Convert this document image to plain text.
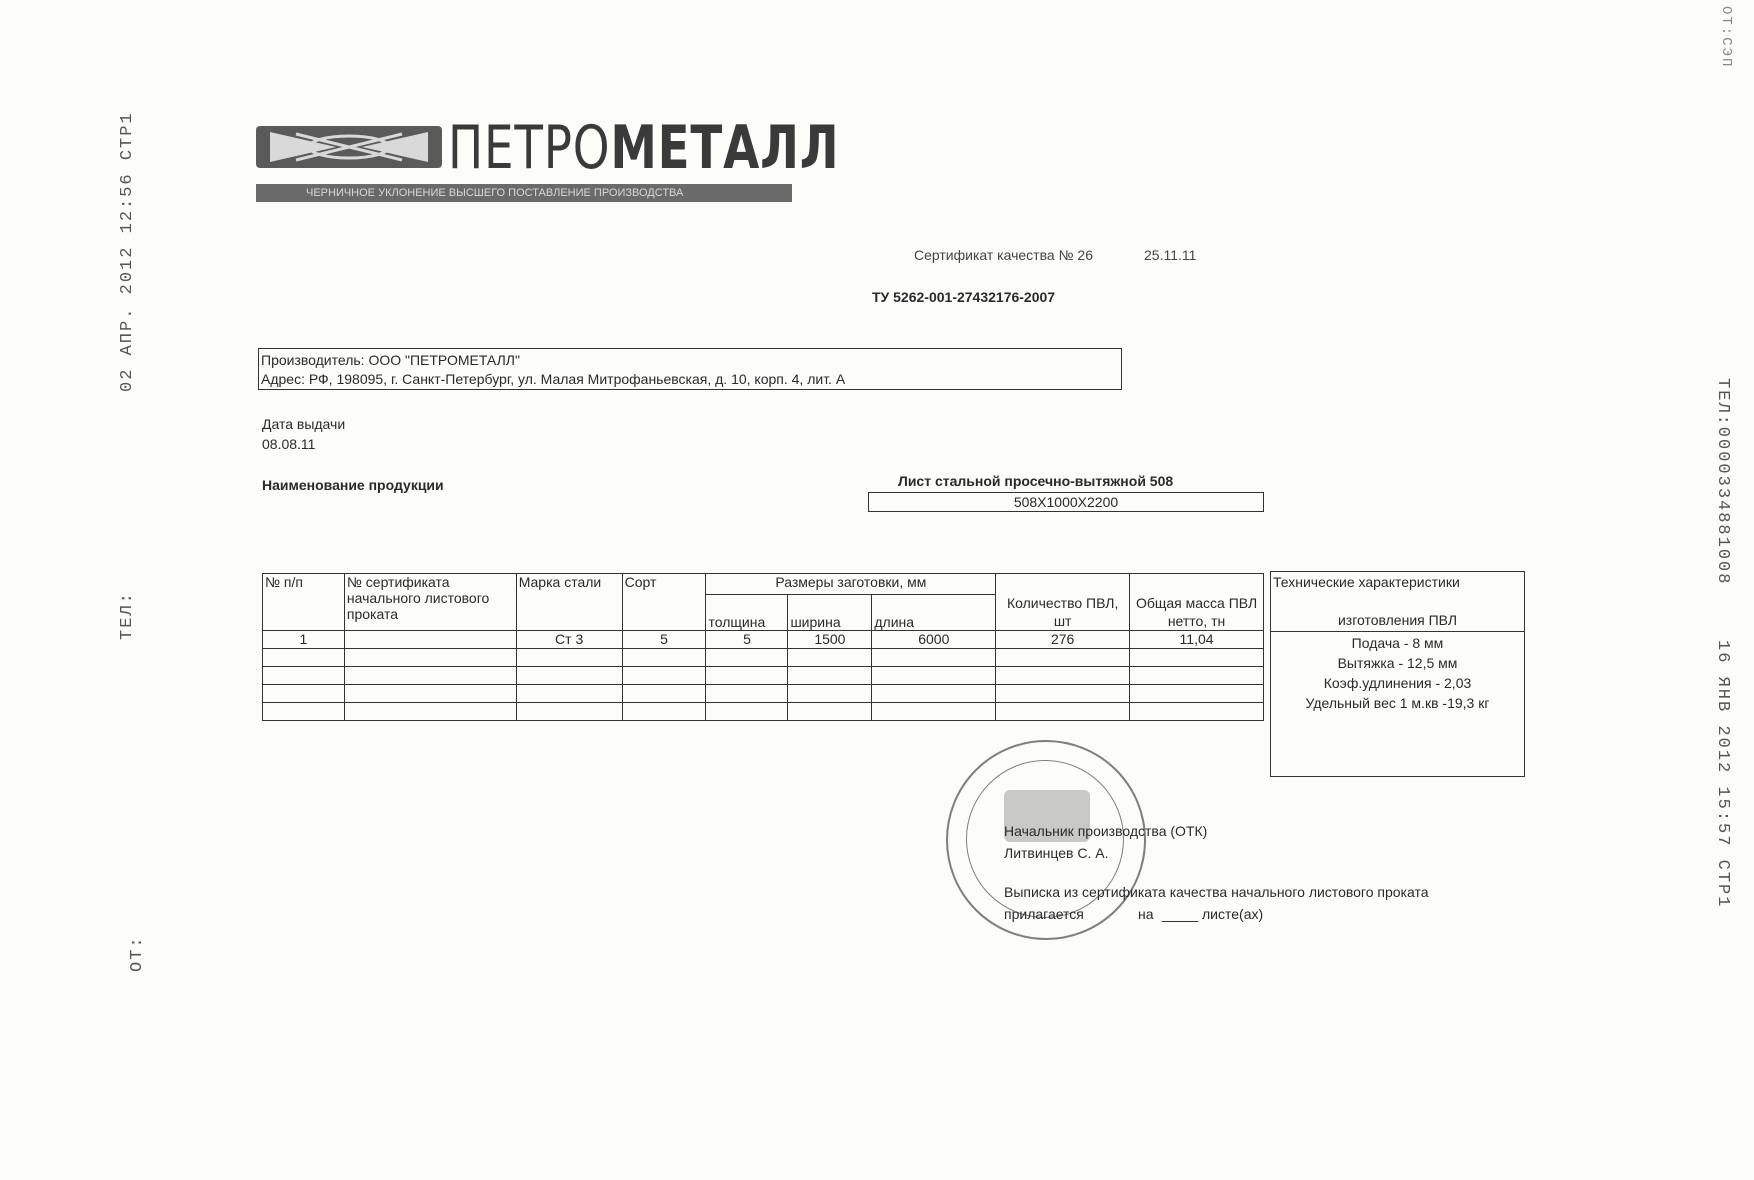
02 АПР. 2012 12:56 СТР1
ТЕЛ:
ОТ:
ТЕЛ:0000334881008
16 ЯНВ 2012 15:57 СТР1
ОТ:СЭП
ПЕТРОМЕТАЛЛ
ЧЕРНИЧНОЕ УКЛОНЕНИЕ ВЫСШЕГО ПОСТАВЛЕНИЕ ПРОИЗВОДСТВА
Сертификат качества № 26	25.11.11
ТУ 5262-001-27432176-2007
Производитель: ООО "ПЕТРОМЕТАЛЛ"
Адрес: РФ, 198095, г. Санкт-Петербург, ул. Малая Митрофаньевская, д. 10, корп. 4, лит. А
Дата выдачи
08.08.11
Наименование продукции	Лист стальной просечно-вытяжной 508
508X1000X2200
№ п/п	№ сертификата начального листового проката	Марка стали	Сорт	Размеры заготовки, мм			Количество ПВЛ, шт	Общая масса ПВЛ нетто, тн
				толщина	ширина	длина		
1		Ст 3	5	5	1500	6000	276	11,04

Технические характеристики
изготовления ПВЛ
Подача - 8 мм
Вытяжка - 12,5 мм
Коэф.удлинения - 2,03
Удельный вес 1 м.кв -19,3 кг
Начальник производства (ОТК)
Литвинцев С. А.
Выписка из сертификата качества начального листового проката
прилагается	на	листе(ах)
